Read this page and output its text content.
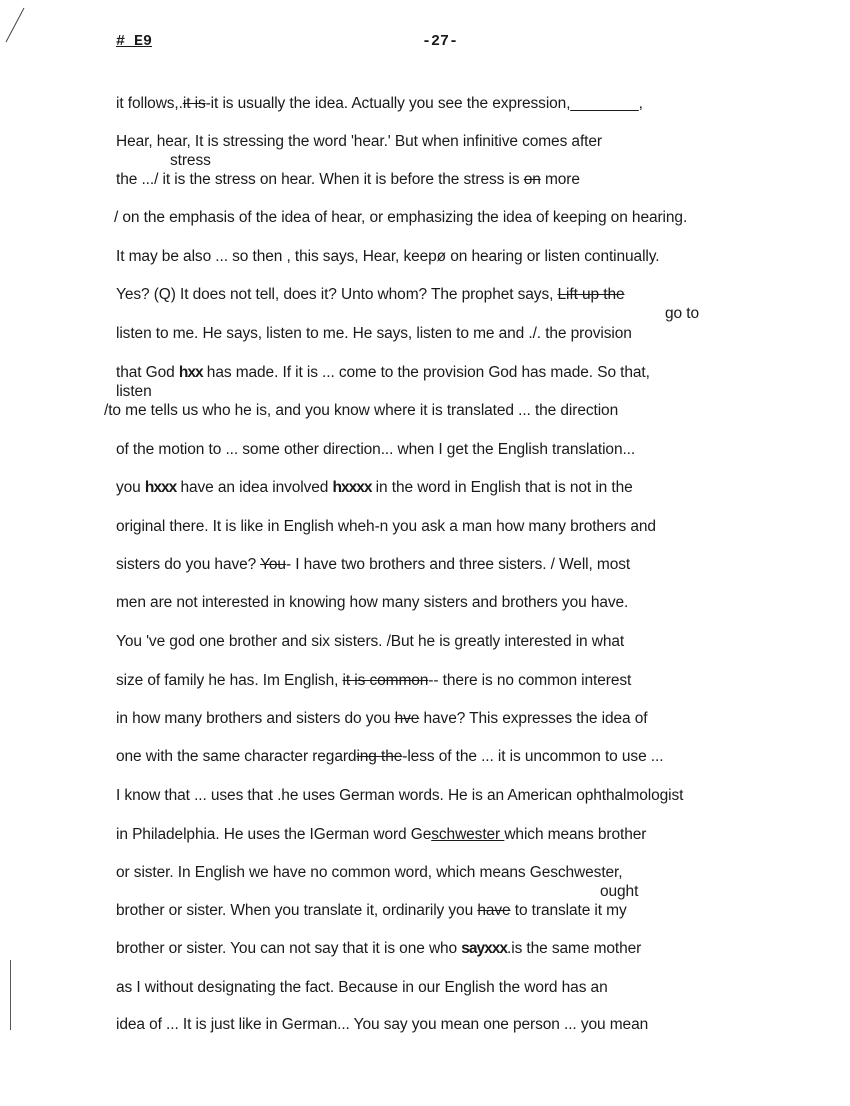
# E9	-27-
it follows,.it is-it is usually the idea. Actually you see the expression,________,
Hear, hear, It is stressing the word 'hear.' But when infinitive comes after
stress
the .../ it is the stress on hear. When it is before the stress is on more
/ on the emphasis of the idea of hear, or emphasizing the idea of keeping on hearing.
It may be also ... so then , this says, Hear, keepø on hearing or listen continually.
Yes? (Q) It does not tell, does it? Unto whom? The prophet says, Lift up the
go to
listen to me. He says, listen to me. He says, listen to me and ./. the provision
that God hxx has made. If it is ... come to the provision God has made. So that,
listen
/to me tells us who he is, and you know where it is translated ... the direction
of the motion to ... some other direction... when I get the English translation...
you hxxx have an idea involved hxxxx in the word in English that is not in the
original there. It is like in English wheh-n you ask a man how many brothers and
sisters do you have? You- I have two brothers and three sisters. / Well, most
men are not interested in knowing how many sisters and brothers you have.
You 've god one brother and six sisters. /But he is greatly interested in what
size of family he has. Im English, it is common-- there is no common interest
in how many brothers and sisters do you hve have? This expresses the idea of
one with the same character regarding the-less of the ... it is uncommon to use ...
I know that ... uses that .he uses German words. He is an American ophthalmologist
in Philadelphia. He uses the IGerman word Geschwester which means brother
or sister. In English we have no common word, which means Geschwester,
ought
brother or sister. When you translate it, ordinarily you have to translate it my
brother or sister. You can not say that it is one who sayxxx.is the same mother
as I without designating the fact. Because in our English the word has an
idea of ... It is just like in German... You say you mean one person ... you mean
